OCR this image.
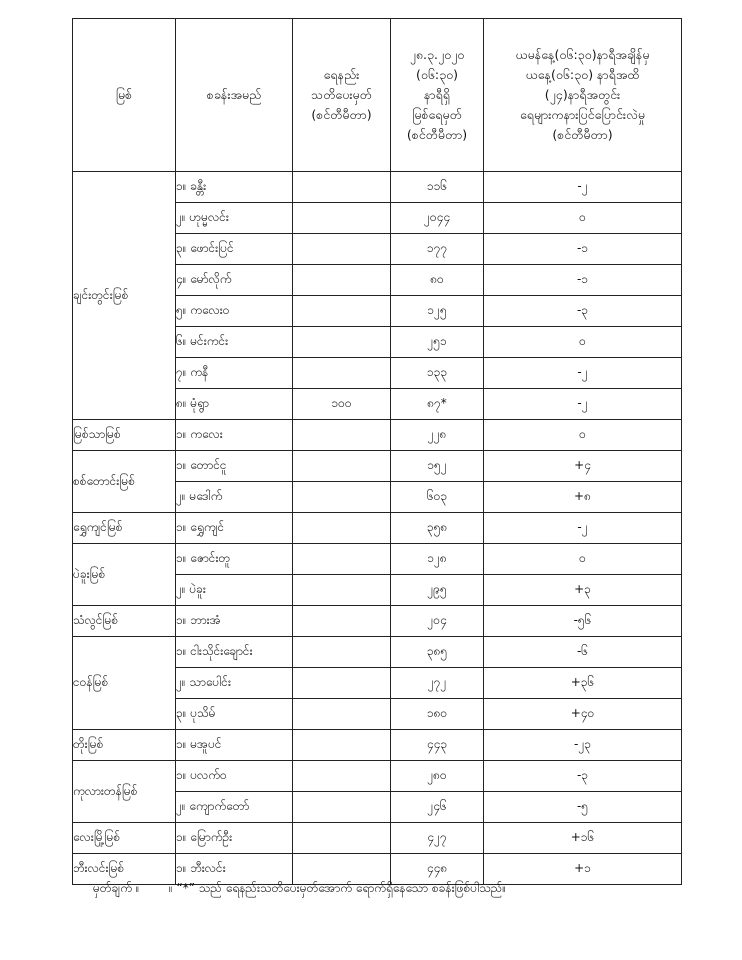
မြစ်	စခန်းအမည်	ရေနည်း
သတိပေးမှတ်
(စင်တီမီတာ)	၂၈.၃.၂၀၂၀
(၀၆:၃၀)
နာရီရှိ
မြစ်ရေမှတ်
(စင်တီမီတာ)	ယမန်နေ့(၀၆:၃၀)နာရီအချိန်မှ
ယနေ့(၀၆:၃၀) နာရီအထိ
(၂၄)နာရီအတွင်း
ရေများကနားပြင်ပြောင်းလဲမှု
(စင်တီမီတာ)

ချင်းတွင်းမြစ်	၁။ ခန္တီး		၁၁၆	-၂
	၂။ ဟုမ္မလင်း		၂၀၄၄	၀
	၃။ ဖောင်းပြင်		၁၇၇	-၁
	၄။ မော်လိုက်		၈၀	-၁
	၅။ ကလေးဝ		၁၂၅	-၃
	၆။ မင်းကင်း		၂၅၁	၀
	၇။ ကနီ		၁၃၃	-၂
	၈။ မုံရွာ	၁၀၀	၈၇*	-၂
မြစ်သာမြစ်	၁။ ကလေး		၂၂၈	၀
စစ်တောင်းမြစ်	၁။ တောင်ငူ		၁၅၂	+၄
	၂။ မဒေါက်		၆၀၃	+၈
ရွှေကျင်မြစ်	၁။ ရွှေကျင်		၃၅၈	-၂
ပဲခူးမြစ်	၁။ ဇောင်းတူ		၁၂၈	၀
	၂။ ပဲခူး		၂၉၅	+၃
သံလွင်မြစ်	၁။ ဘားအံ		၂၀၄	-၅၆
ငဝန်မြစ်	၁။ ငါးသိုင်းချောင်း		၃၈၅	-၆
	၂။ သာပေါင်း		၂၇၂	+၃၆
	၃။ ပုသိမ်		၁၈၀	+၄၀
တိုးမြစ်	၁။ မအူပင်		၄၄၃	-၂၃
ကုလားတန်မြစ်	၁။ ပလက်ဝ		၂၈၀	-၃
	၂။ ကျောက်တော်		၂၄၆	-၅
လေးမြို့မြစ်	၁။ မြောက်ဦး		၄၂၇	+၁၆
ဘီးလင်းမြစ်	၁။ ဘီးလင်း		၄၄၈	+၁
မှတ်ချက် ။ ။ “*” သည် ရေနည်းသတိပေးမှတ်အောက် ရောက်ရှိနေသော စခန်းဖြစ်ပါသည်။
